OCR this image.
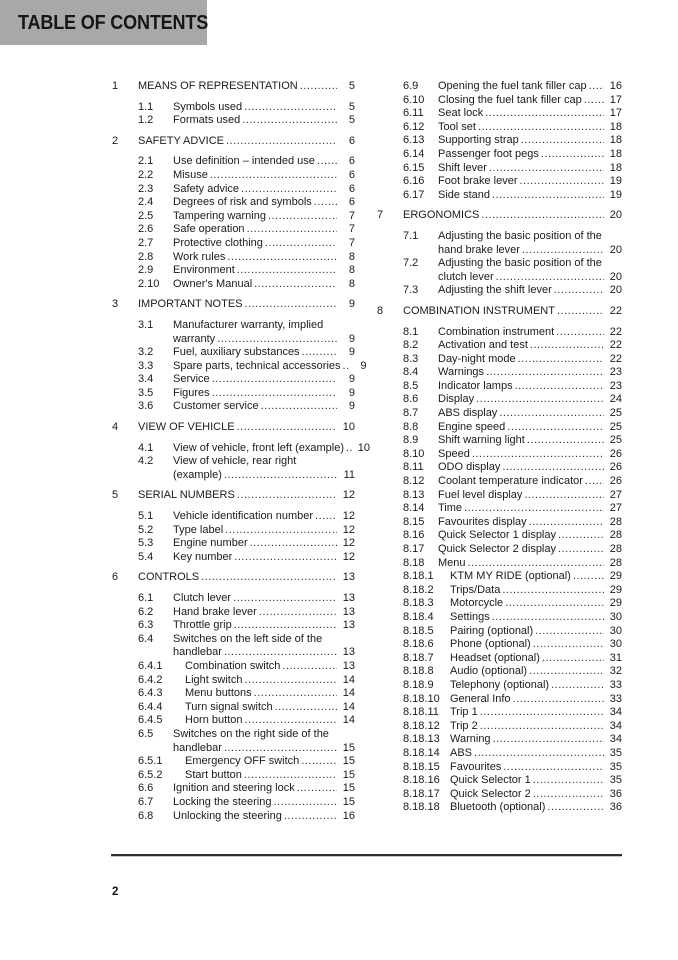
TABLE OF CONTENTS
1	MEANS OF REPRESENTATION .....	5
1.1	Symbols used .....	5
1.2	Formats used .....	5
2	SAFETY ADVICE .....	6
2.1	Use definition – intended use .....	6
2.2	Misuse .....	6
2.3	Safety advice .....	6
2.4	Degrees of risk and symbols .....	6
2.5	Tampering warning .....	7
2.6	Safe operation .....	7
2.7	Protective clothing .....	7
2.8	Work rules .....	8
2.9	Environment .....	8
2.10	Owner's Manual .....	8
3	IMPORTANT NOTES .....	9
3.1	Manufacturer warranty, implied
warranty .....	9
3.2	Fuel, auxiliary substances .....	9
3.3	Spare parts, technical accessories .....	9
3.4	Service .....	9
3.5	Figures .....	9
3.6	Customer service .....	9
4	VIEW OF VEHICLE .....	10
4.1	View of vehicle, front left (example) ..... 10
4.2	View of vehicle, rear right
(example) .....	11
5	SERIAL NUMBERS .....	12
5.1	Vehicle identification number .....	12
5.2	Type label .....	12
5.3	Engine number .....	12
5.4	Key number .....	12
6	CONTROLS .....	13
6.1	Clutch lever .....	13
6.2	Hand brake lever .....	13
6.3	Throttle grip .....	13
6.4	Switches on the left side of the
handlebar .....	13
6.4.1	Combination switch .....	13
6.4.2	Light switch .....	14
6.4.3	Menu buttons .....	14
6.4.4	Turn signal switch .....	14
6.4.5	Horn button .....	14
6.5	Switches on the right side of the
handlebar .....	15
6.5.1	Emergency OFF switch .....	15
6.5.2	Start button .....	15
6.6	Ignition and steering lock .....	15
6.7	Locking the steering .....	15
6.8	Unlocking the steering .....	16
6.9	Opening the fuel tank filler cap ..... 16
6.10	Closing the fuel tank filler cap .....	17
6.11	Seat lock .....	17
6.12	Tool set .....	18
6.13	Supporting strap .....	18
6.14	Passenger foot pegs .....	18
6.15	Shift lever .....	18
6.16	Foot brake lever .....	19
6.17	Side stand .....	19
7	ERGONOMICS .....	20
7.1	Adjusting the basic position of the
hand brake lever .....	20
7.2	Adjusting the basic position of the
clutch lever .....	20
7.3	Adjusting the shift lever .....	20
8	COMBINATION INSTRUMENT .....	22
8.1	Combination instrument .....	22
8.2	Activation and test .....	22
8.3	Day-night mode .....	22
8.4	Warnings .....	23
8.5	Indicator lamps .....	23
8.6	Display .....	24
8.7	ABS display .....	25
8.8	Engine speed .....	25
8.9	Shift warning light .....	25
8.10	Speed .....	26
8.11	ODO display .....	26
8.12	Coolant temperature indicator ..... 26
8.13	Fuel level display .....	27
8.14	Time .....	27
8.15	Favourites display .....	28
8.16	Quick Selector 1 display .....	28
8.17	Quick Selector 2 display .....	28
8.18	Menu .....	28
8.18.1	KTM MY RIDE (optional) .....	29
8.18.2	Trips/Data .....	29
8.18.3	Motorcycle .....	29
8.18.4	Settings .....	30
8.18.5	Pairing (optional) .....	30
8.18.6	Phone (optional) .....	30
8.18.7	Headset (optional) .....	31
8.18.8	Audio (optional) .....	32
8.18.9	Telephony (optional) .....	33
8.18.10 General Info .....	33
8.18.11	Trip 1 .....	34
8.18.12 Trip 2 .....	34
8.18.13 Warning .....	34
8.18.14 ABS .....	35
8.18.15 Favourites .....	35
8.18.16 Quick Selector 1 .....	35
8.18.17 Quick Selector 2 .....	36
8.18.18 Bluetooth (optional) .....	36
2
